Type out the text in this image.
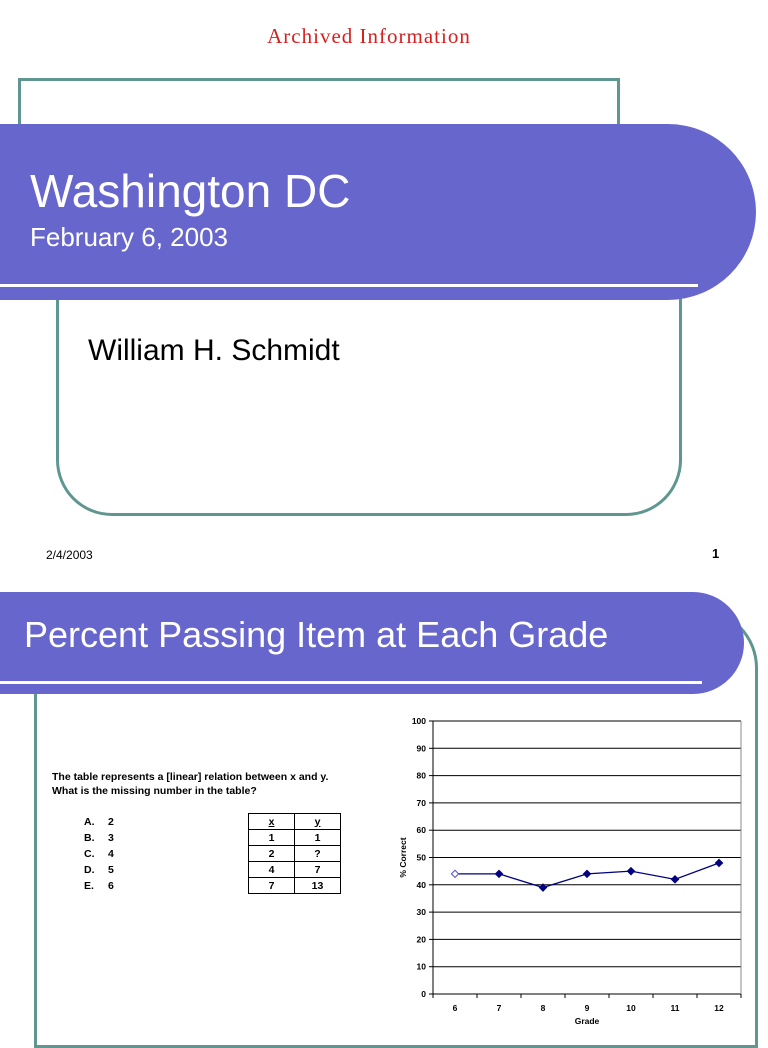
Archived Information
Washington DC
February 6, 2003
William H. Schmidt
2/4/2003	1
Percent Passing Item at Each Grade
The table represents a [linear] relation between x and y.
What is the missing number in the table?
A. 2
B. 3
C. 4
D. 5
E. 6
x	y
1	1
2	?
4	7
7	13
0
10
20
30
40
50
60
70
80
90
100
6	7	8	9	10	11	12
Grade
% Correct
